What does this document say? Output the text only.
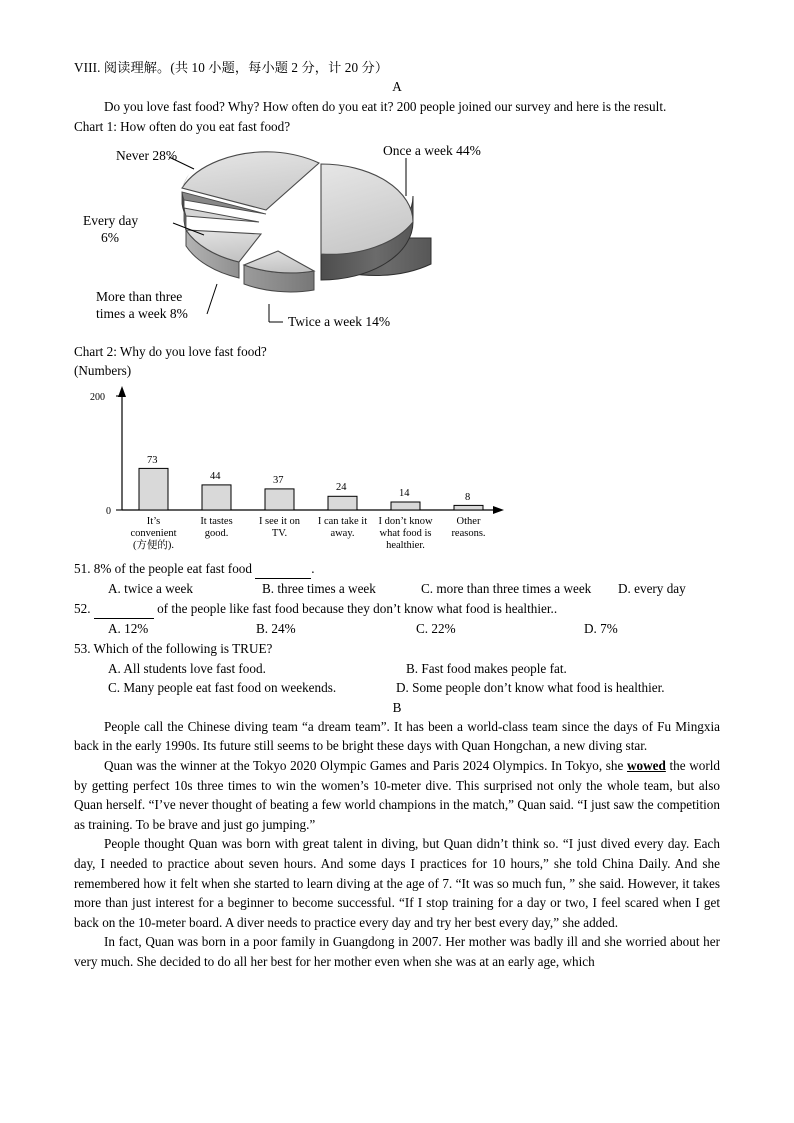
VIII. 阅读理解。(共 10 小题，每小题 2 分，计 20 分）
A

Do you love fast food? Why? How often do you eat it? 200 people joined our survey and here is the result.

Chart 1: How often do you eat fast food?

Never 28%
Every day
6%
More than three
times a week 8%
Twice a week 14%
Once a week 44%

Chart 2: Why do you love fast food?

(Numbers)

200
0
73
44	37
24
14	8
It’s
convenient
(方便的).
It tastes
good.
I see it on
TV.
I can take it
away.
I don’t know
what food is
healthier.
Other
reasons.

51. 8% of the people eat fast food	.

A. twice a week	B. three times a week	C. more than three times a week D. every day

52.	of the people like fast food because they don’t know what food is healthier..

A. 12%	B. 24%	C. 22%	D. 7%

53. Which of the following is TRUE?

A. All students love fast food.	B. Fast food makes people fat.

C. Many people eat fast food on weekends.	D. Some people don’t know what food is healthier.

B

People call the Chinese diving team “a dream team”. It has been a world-class team since the days of Fu Mingxia back in the early 1990s. Its future still seems to be bright these days with Quan Hongchan, a new diving star.

Quan was the winner at the Tokyo 2020 Olympic Games and Paris 2024 Olympics. In Tokyo, she wowed the world by getting perfect 10s three times to win the women’s 10-meter dive. This surprised not only the whole team, but also Quan herself. “I’ve never thought of beating a few world champions in the match,” Quan said. “I just saw the competition as training. To be brave and just go jumping.”

People thought Quan was born with great talent in diving, but Quan didn’t think so. “I just dived every day. Each day, I needed to practice about seven hours. And some days I practices for 10 hours,” she told China Daily. And she remembered how it felt when she started to learn diving at the age of 7. “It was so much fun, ” she said. However, it takes more than just interest for a beginner to become successful. “If I stop training for a day or two, I feel scared when I get back on the 10-meter board. A diver needs to practice every day and try her best every day,” she added.

In fact, Quan was born in a poor family in Guangdong in 2007. Her mother was badly ill and she worried about her very much. She decided to do all her best for her mother even when she was at an early age, which
